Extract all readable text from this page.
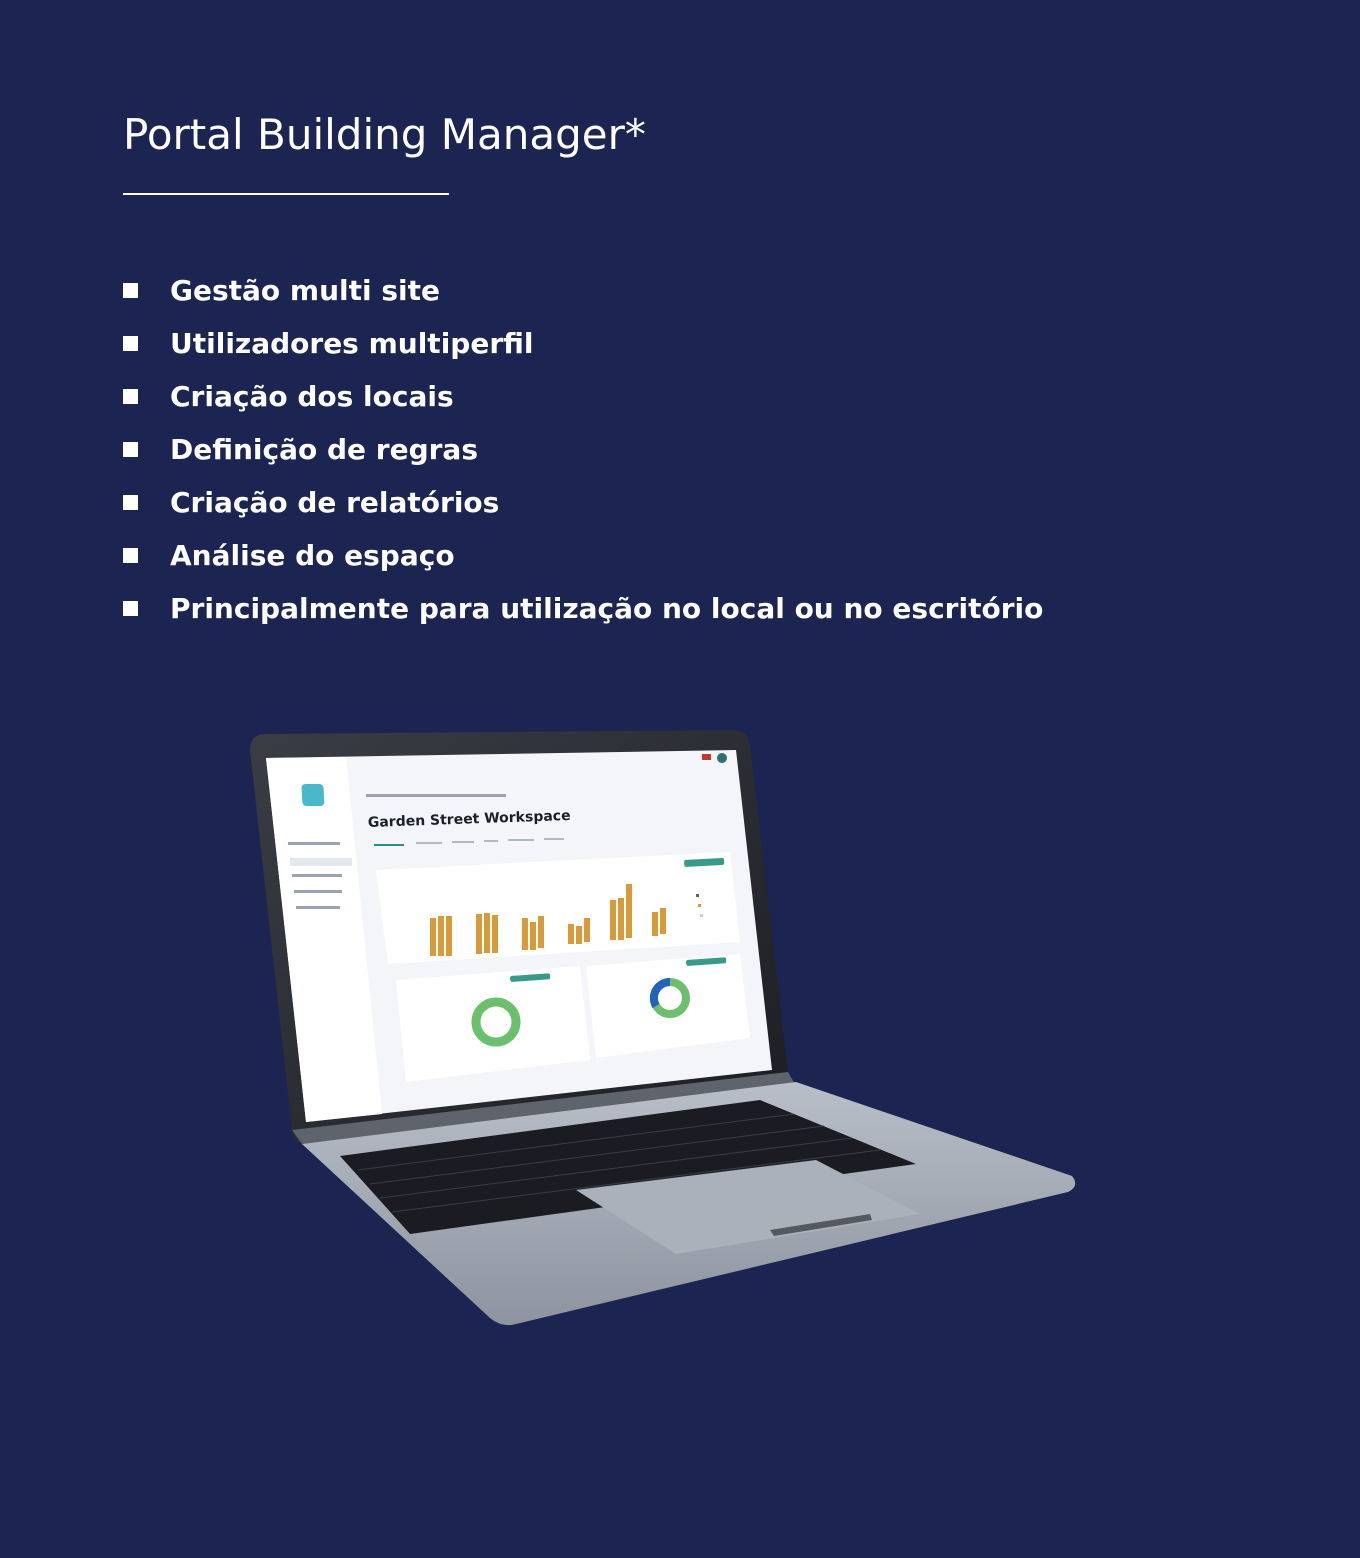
Portal Building Manager*
Gestão multi site
Utilizadores multiperfil
Criação dos locais
Definição de regras
Criação de relatórios
Análise do espaço
Principalmente para utilização no local ou no escritório
Garden Street Workspace
